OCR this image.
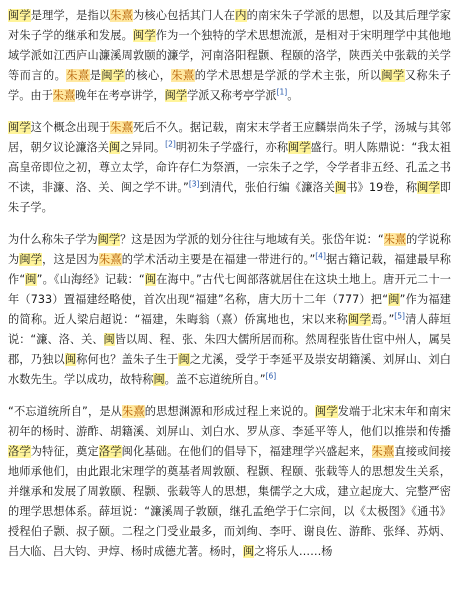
闽学是理学，是指以朱熹为核心包括其门人在内的南宋朱子学派的思想，以及其后理学家对朱子学的继承和发展。闽学作为一个独特的学术思想流派，是相对于宋明理学中其他地域学派如江西庐山濂溪周敦颐的濂学，河南洛阳程颢、程颐的洛学，陕西关中张载的关学等而言的。朱熹是闽学的核心，朱熹的学术思想是学派的学术主张，所以闽学又称朱子学。由于朱熹晚年在考亭讲学，闽学学派又称考亭学派[1]。

闽学这个概念出现于朱熹死后不久。据记载，南宋末学者王应麟崇尚朱子学，汤城与其邻居，朝夕议论濂洛关闽之异同。[2]明初朱子学盛行，亦称闽学盛行。明人陈鼎说：“我太祖高皇帝即位之初，尊立太学，命许存仁为祭酒，一宗朱子之学，令学者非五经、孔孟之书不读，非濂、洛、关、闽之学不讲。”[3]到清代，张伯行编《濂洛关闽书》19卷，称闽学即朱子学。

为什么称朱子学为闽学？这是因为学派的划分往往与地域有关。张岱年说：“朱熹的学说称为闽学，这是因为朱熹的学术活动主要是在福建一带进行的。”[4]据古籍记载，福建最早称作“闽”。《山海经》记载：“闽在海中。”古代七闽部落就居住在这块土地上。唐开元二十一年（733）置福建经略使，首次出现“福建”名称，唐大历十二年（777）把“闽”作为福建的简称。近人梁启超说：“福建，朱晦翁（熹）侨寓地也，宋以来称闽学焉。”[5]清人薛垣说：“濂、洛、关、闽皆以周、程、张、朱四大儒所居而称。然周程张皆仕宦中州人，属吴郡，乃独以闽称何也？盖朱子生于闽之尤溪，受学于李延平及崇安胡籍溪、刘屏山、刘白水数先生。学以成功，故特称闽。盖不忘道统所自。”[6]

“不忘道统所自”，是从朱熹的思想渊源和形成过程上来说的。闽学发端于北宋末年和南宋初年的杨时、游酢、胡籍溪、刘屏山、刘白水、罗从彦、李延平等人，他们以推崇和传播洛学为特征，奠定洛学闽化基础。在他们的倡导下，福建理学兴盛起来，朱熹直接或间接地师承他们，由此跟北宋理学的奠基者周敦颐、程颢、程颐、张载等人的思想发生关系，并继承和发展了周敦颐、程颢、张载等人的思想，集儒学之大成，建立起庞大、完整严密的理学思想体系。薛垣说：“濂溪周子敦颐，继孔孟绝学于仁宗间，以《太极图》《通书》授程伯子颢、叔子颐。二程之门受业最多，而刘绚、李吁、谢良佐、游酢、张绎、苏炳、吕大临、吕大钧、尹焞、杨时成德尤著。杨时，闽之将乐人……杨
